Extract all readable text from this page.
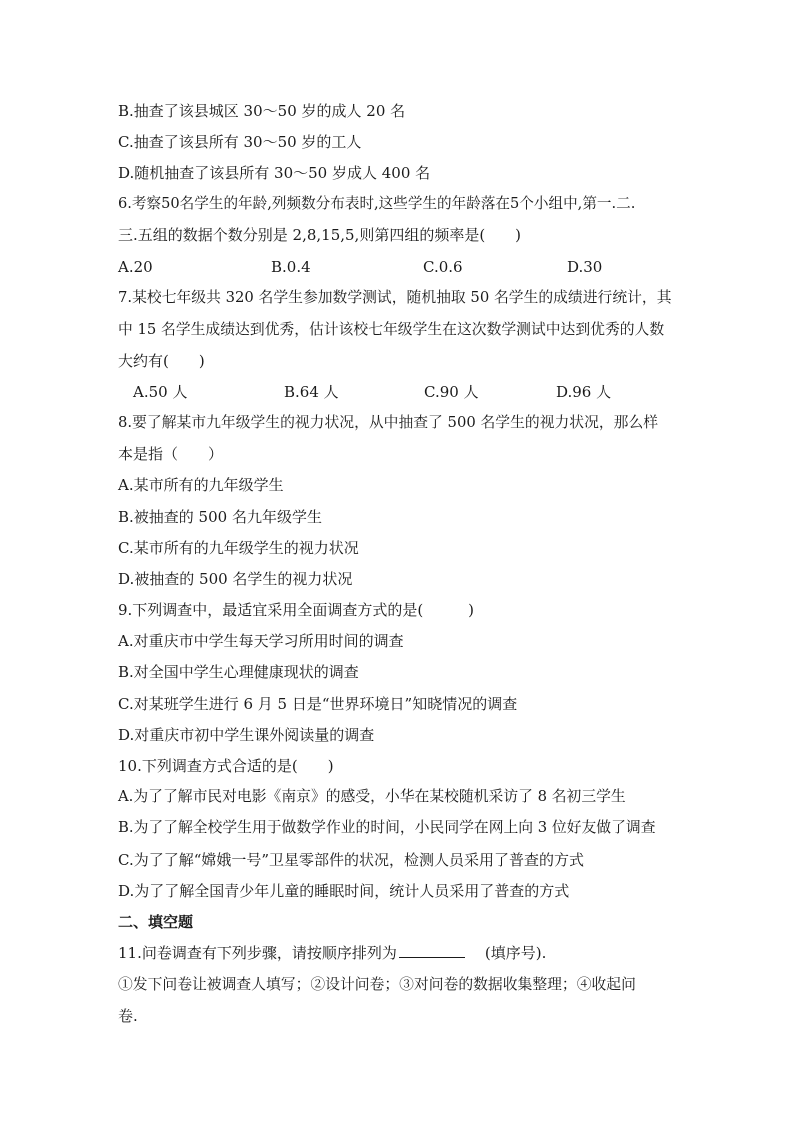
B.抽查了该县城区 30～50 岁的成人 20 名
C.抽查了该县所有 30～50 岁的工人
D.随机抽查了该县所有 30～50 岁成人 400 名
6.考察50名学生的年龄,列频数分布表时,这些学生的年龄落在5个小组中,第一.二.
三.五组的数据个数分别是 2,8,15,5,则第四组的频率是(　　)
A.20	B.0.4	C.0.6	D.30
7.某校七年级共 320 名学生参加数学测试，随机抽取 50 名学生的成绩进行统计，其
中 15 名学生成绩达到优秀，估计该校七年级学生在这次数学测试中达到优秀的人数
大约有(　　)
A.50 人	B.64 人	C.90 人	D.96 人
8.要了解某市九年级学生的视力状况，从中抽查了 500 名学生的视力状况，那么样
本是指（　　）
A.某市所有的九年级学生
B.被抽查的 500 名九年级学生
C.某市所有的九年级学生的视力状况
D.被抽查的 500 名学生的视力状况
9.下列调查中，最适宜采用全面调查方式的是(　　　)
A.对重庆市中学生每天学习所用时间的调查
B.对全国中学生心理健康现状的调查
C.对某班学生进行 6 月 5 日是“世界环境日”知晓情况的调查
D.对重庆市初中学生课外阅读量的调查
10.下列调查方式合适的是(　　)
A.为了了解市民对电影《南京》的感受，小华在某校随机采访了 8 名初三学生
B.为了了解全校学生用于做数学作业的时间，小民同学在网上向 3 位好友做了调查
C.为了了解“嫦娥一号”卫星零部件的状况，检测人员采用了普查的方式
D.为了了解全国青少年儿童的睡眠时间，统计人员采用了普查的方式
二、填空题
11.问卷调查有下列步骤，请按顺序排列为	(填序号).
①发下问卷让被调查人填写；②设计问卷；③对问卷的数据收集整理；④收起问
卷.
